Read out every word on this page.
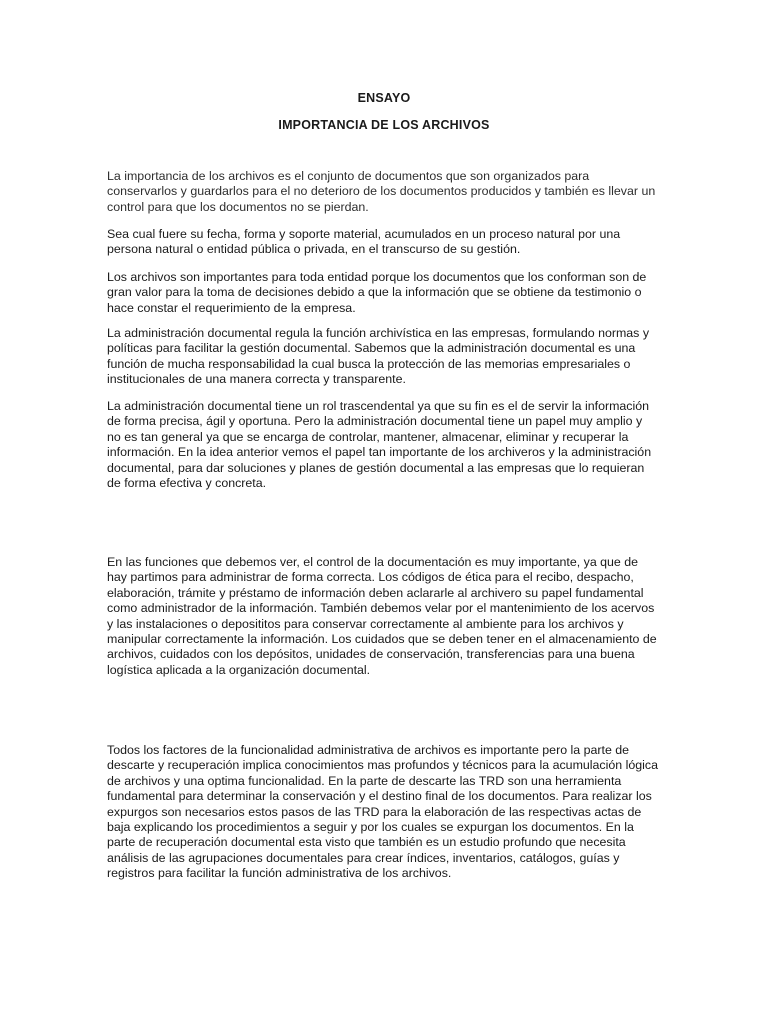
ENSAYO
IMPORTANCIA DE LOS ARCHIVOS

La importancia de los archivos es el conjunto de documentos que son organizados para conservarlos y guardarlos para el no deterioro de los documentos producidos y también es llevar un control para que los documentos no se pierdan.

Sea cual fuere su fecha, forma y soporte material, acumulados en un proceso natural por una persona natural o entidad pública o privada, en el transcurso de su gestión.

Los archivos son importantes para toda entidad porque los documentos que los conforman son de gran valor para la toma de decisiones debido a que la información que se obtiene da testimonio o hace constar el requerimiento de la empresa.

La administración documental regula la función archivística en las empresas, formulando normas y políticas para facilitar la gestión documental. Sabemos que la administración documental es una función de mucha responsabilidad la cual busca la protección de las memorias empresariales o institucionales de una manera correcta y transparente.

La administración documental tiene un rol trascendental ya que su fin es el de servir la información de forma precisa, ágil y oportuna. Pero la administración documental tiene un papel muy amplio y no es tan general ya que se encarga de controlar, mantener, almacenar, eliminar y recuperar la información. En la idea anterior vemos el papel tan importante de los archiveros y la administración documental, para dar soluciones y planes de gestión documental a las empresas que lo requieran de forma efectiva y concreta.

En las funciones que debemos ver, el control de la documentación es muy importante, ya que de hay partimos para administrar de forma correcta. Los códigos de ética para el recibo, despacho, elaboración, trámite y préstamo de información deben aclararle al archivero su papel fundamental como administrador de la información. También debemos velar por el mantenimiento de los acervos y las instalaciones o deposititos para conservar correctamente al ambiente para los archivos y manipular correctamente la información. Los cuidados que se deben tener en el almacenamiento de archivos, cuidados con los depósitos, unidades de conservación, transferencias para una buena logística aplicada a la organización documental.

Todos los factores de la funcionalidad administrativa de archivos es importante pero la parte de descarte y recuperación implica conocimientos mas profundos y técnicos para la acumulación lógica de archivos y una optima funcionalidad. En la parte de descarte las TRD son una herramienta fundamental para determinar la conservación y el destino final de los documentos. Para realizar los expurgos son necesarios estos pasos de las TRD para la elaboración de las respectivas actas de baja explicando los procedimientos a seguir y por los cuales se expurgan los documentos. En la parte de recuperación documental esta visto que también es un estudio profundo que necesita análisis de las agrupaciones documentales para crear índices, inventarios, catálogos, guías y registros para facilitar la función administrativa de los archivos.
